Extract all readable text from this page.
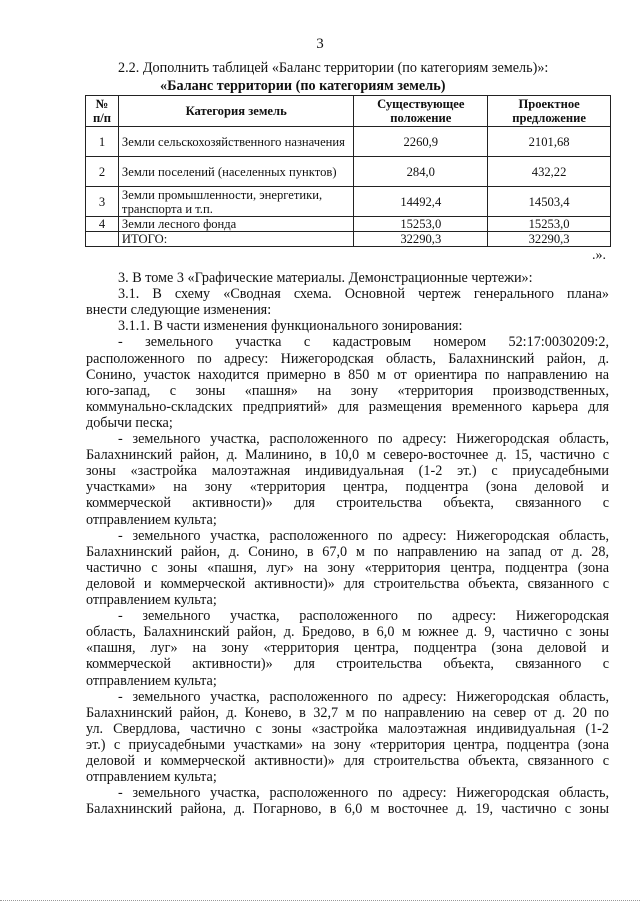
3
2.2. Дополнить таблицей «Баланс территории (по категориям земель)»:
«Баланс территории (по категориям земель)
№ п/п	Категория земель	Существующее положение	Проектное предложение
1	Земли сельскохозяйственного назначения	2260,9	2101,68
2	Земли поселений (населенных пунктов)	284,0	432,22
3	Земли промышленности, энергетики, транспорта и т.п.	14492,4	14503,4
4	Земли лесного фонда	15253,0	15253,0
	ИТОГО:	32290,3	32290,3
.».
3. В томе 3 «Графические материалы. Демонстрационные чертежи»:
3.1. В схему «Сводная схема. Основной чертеж генерального плана»
внести следующие изменения:
3.1.1. В части изменения функционального зонирования:
- земельного участка с кадастровым номером 52:17:0030209:2,
расположенного по адресу: Нижегородская область, Балахнинский район, д.
Сонино, участок находится примерно в 850 м от ориентира по направлению на
юго-запад, с зоны «пашня» на зону «территория производственных,
коммунально-складских предприятий» для размещения временного карьера для
добычи песка;
- земельного участка, расположенного по адресу: Нижегородская область,
Балахнинский район, д. Малинино, в 10,0 м северо-восточнее д. 15, частично с
зоны «застройка малоэтажная индивидуальная (1-2 эт.) с приусадебными
участками» на зону «территория центра, подцентра (зона деловой и
коммерческой активности)» для строительства объекта, связанного с
отправлением культа;
- земельного участка, расположенного по адресу: Нижегородская область,
Балахнинский район, д. Сонино, в 67,0 м по направлению на запад от д. 28,
частично с зоны «пашня, луг» на зону «территория центра, подцентра (зона
деловой и коммерческой активности)» для строительства объекта, связанного с
отправлением культа;
- земельного участка, расположенного по адресу: Нижегородская
область, Балахнинский район, д. Бредово, в 6,0 м южнее д. 9, частично с зоны
«пашня, луг» на зону «территория центра, подцентра (зона деловой и
коммерческой активности)» для строительства объекта, связанного с
отправлением культа;
- земельного участка, расположенного по адресу: Нижегородская область,
Балахнинский район, д. Конево, в 32,7 м по направлению на север от д. 20 по
ул. Свердлова, частично с зоны «застройка малоэтажная индивидуальная (1-2
эт.) с приусадебными участками» на зону «территория центра, подцентра (зона
деловой и коммерческой активности)» для строительства объекта, связанного с
отправлением культа;
- земельного участка, расположенного по адресу: Нижегородская область,
Балахнинский района, д. Погарново, в 6,0 м восточнее д. 19, частично с зоны
